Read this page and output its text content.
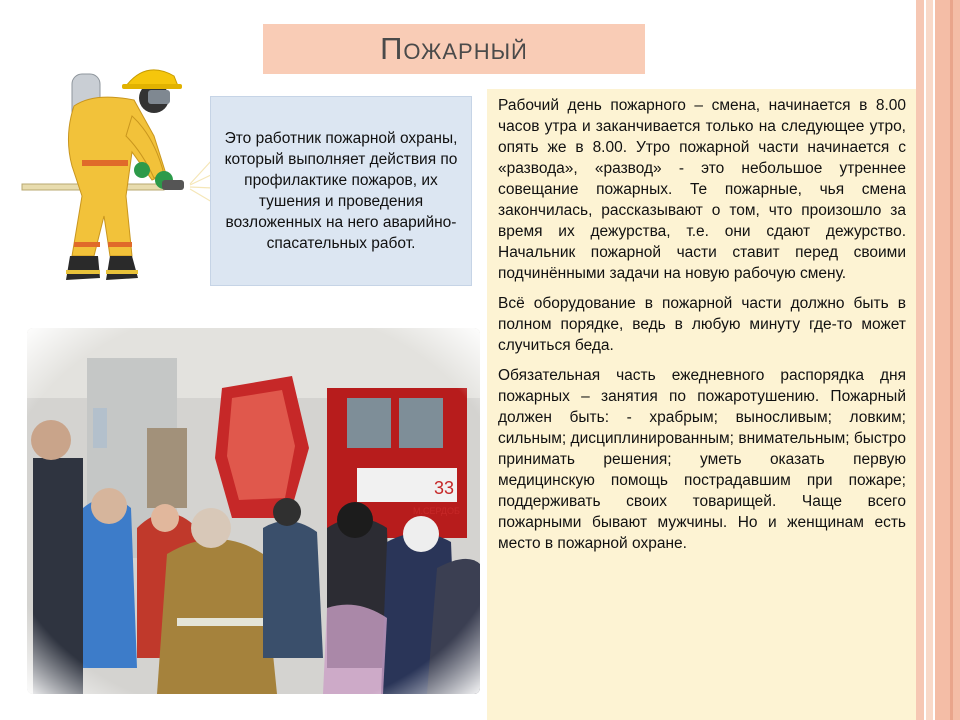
Пожарный

Это работник пожарной охраны, который выполняет действия по профилактике пожаров, их тушения и проведения возложенных на него аварийно-спасательных работ.

Рабочий день пожарного – смена, начинается в 8.00 часов утра и заканчивается только на следующее утро, опять же в 8.00. Утро пожарной части начинается с «развода», «развод» - это небольшое утреннее совещание пожарных. Те пожарные, чья смена закончилась, рассказывают о том, что произошло за время их дежурства, т.е. они сдают дежурство. Начальник пожарной части ставит перед своими подчинёнными задачи на новую рабочую смену.

Всё оборудование в пожарной части должно быть в полном порядке, ведь в любую минуту где-то может случиться беда.

Обязательная часть ежедневного распорядка дня пожарных – занятия по пожаротушению. Пожарный должен быть: - храбрым; выносливым; ловким; сильным; дисциплинированным; внимательным; быстро принимать решения; уметь оказать первую медицинскую помощь пострадавшим при пожаре; поддерживать своих товарищей. Чаще всего пожарными бывают мужчины. Но и женщинам есть место в пожарной охране.
